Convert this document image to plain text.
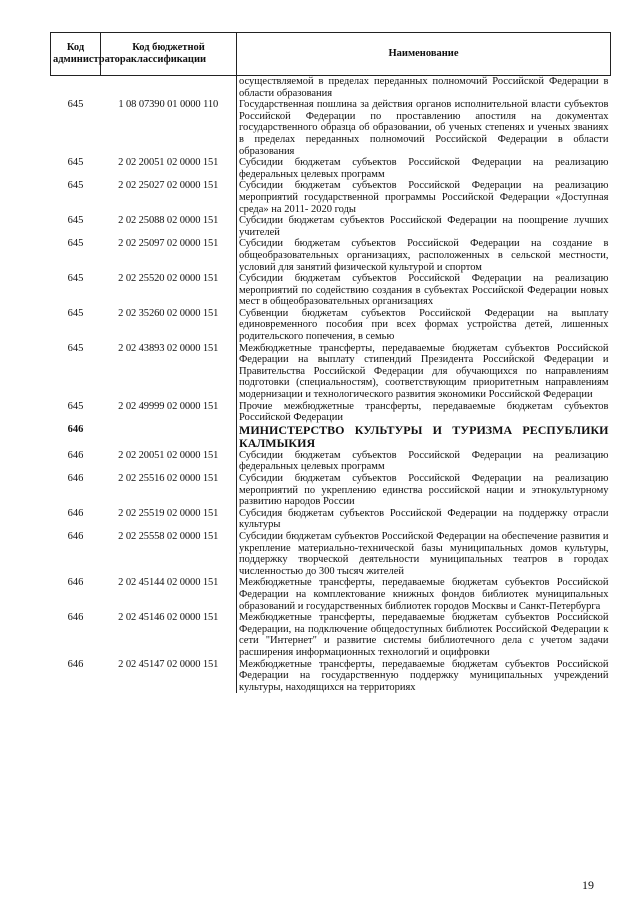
Код администратора	Код бюджетной классификации	Наименование
		осуществляемой в пределах переданных полномочий Российской Федерации в области образования
645	1 08 07390 01 0000 110	Государственная пошлина за действия органов исполнительной власти субъектов Российской Федерации по проставлению апостиля на документах государственного образца об образовании, об ученых степенях и ученых званиях в пределах переданных полномочий Российской Федерации в области образования
645	2 02 20051 02 0000 151	Субсидии бюджетам субъектов Российской Федерации на реализацию федеральных целевых программ
645	2 02 25027 02 0000 151	Субсидии бюджетам субъектов Российской Федерации на реализацию мероприятий государственной программы Российской Федерации «Доступная среда» на 2011- 2020 годы
645	2 02 25088 02 0000 151	Субсидии бюджетам субъектов Российской Федерации на поощрение лучших учителей
645	2 02 25097 02 0000 151	Субсидии бюджетам субъектов Российской Федерации на создание в общеобразовательных организациях, расположенных в сельской местности, условий для занятий физической культурой и спортом
645	2 02 25520 02 0000 151	Субсидии бюджетам субъектов Российской Федерации на реализацию мероприятий по содействию создания в субъектах Российской Федерации новых мест в общеобразовательных организациях
645	2 02 35260 02 0000 151	Субвенции бюджетам субъектов Российской Федерации на выплату единовременного пособия при всех формах устройства детей, лишенных родительского попечения, в семью
645	2 02 43893 02 0000 151	Межбюджетные трансферты, передаваемые бюджетам субъектов Российской Федерации на выплату стипендий Президента Российской Федерации и Правительства Российской Федерации для обучающихся по направлениям подготовки (специальностям), соответствующим приоритетным направлениям модернизации и технологического развития экономики Российской Федерации
645	2 02 49999 02 0000 151	Прочие межбюджетные трансферты, передаваемые бюджетам субъектов Российской Федерации
646		МИНИСТЕРСТВО КУЛЬТУРЫ И ТУРИЗМА РЕСПУБЛИКИ КАЛМЫКИЯ
646	2 02 20051 02 0000 151	Субсидии бюджетам субъектов Российской Федерации на реализацию федеральных целевых программ
646	2 02 25516 02 0000 151	Субсидии бюджетам субъектов Российской Федерации на реализацию мероприятий по укреплению единства российской нации и этнокультурному развитию народов России
646	2 02 25519 02 0000 151	Субсидия бюджетам субъектов Российской Федерации на поддержку отрасли культуры
646	2 02 25558 02 0000 151	Субсидии бюджетам субъектов Российской Федерации на обеспечение развития и укрепление материально-технической базы муниципальных домов культуры, поддержку творческой деятельности муниципальных театров в городах численностью до 300 тысяч жителей
646	2 02 45144 02 0000 151	Межбюджетные трансферты, передаваемые бюджетам субъектов Российской Федерации на комплектование книжных фондов библиотек муниципальных образований и государственных библиотек городов Москвы и Санкт-Петербурга
646	2 02 45146 02 0000 151	Межбюджетные трансферты, передаваемые бюджетам субъектов Российской Федерации, на подключение общедоступных библиотек Российской Федерации к сети "Интернет" и развитие системы библиотечного дела с учетом задачи расширения информационных технологий и оцифровки
646	2 02 45147 02 0000 151	Межбюджетные трансферты, передаваемые бюджетам субъектов Российской Федерации на государственную поддержку муниципальных учреждений культуры, находящихся на территориях
19
